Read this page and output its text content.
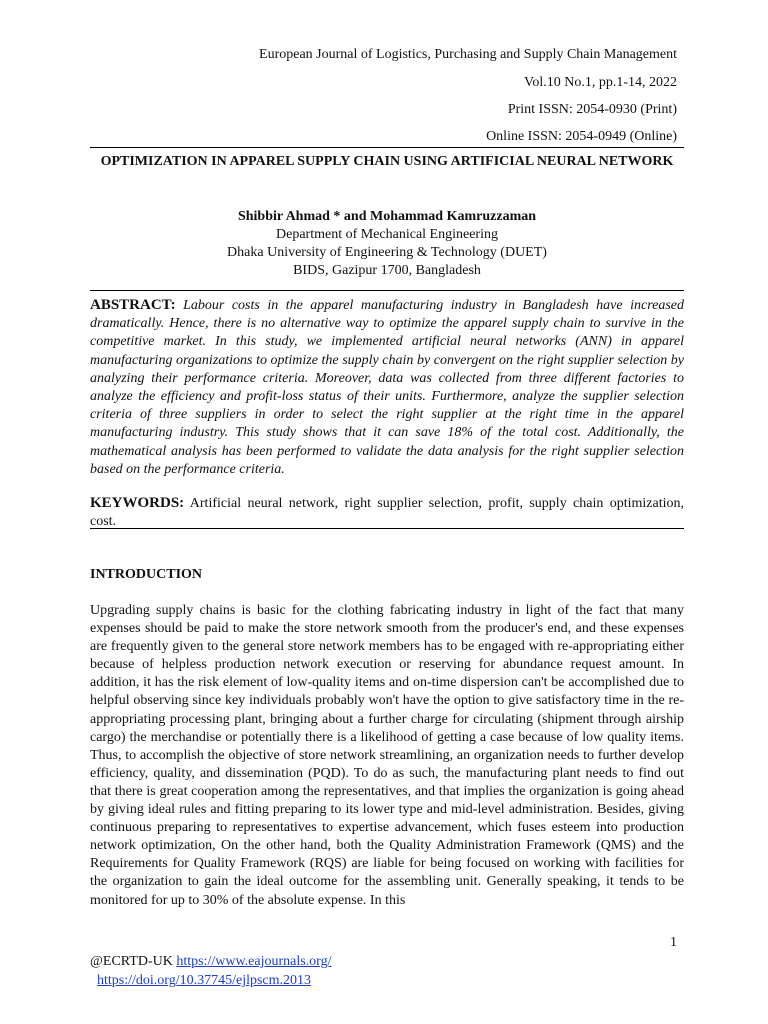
European Journal of Logistics, Purchasing and Supply Chain Management
Vol.10 No.1, pp.1-14, 2022
Print ISSN: 2054-0930 (Print)
Online ISSN: 2054-0949 (Online)
OPTIMIZATION IN APPAREL SUPPLY CHAIN USING ARTIFICIAL NEURAL NETWORK
Shibbir Ahmad * and Mohammad Kamruzzaman
Department of Mechanical Engineering
Dhaka University of Engineering & Technology (DUET)
BIDS, Gazipur 1700, Bangladesh
ABSTRACT: Labour costs in the apparel manufacturing industry in Bangladesh have increased dramatically. Hence, there is no alternative way to optimize the apparel supply chain to survive in the competitive market. In this study, we implemented artificial neural networks (ANN) in apparel manufacturing organizations to optimize the supply chain by convergent on the right supplier selection by analyzing their performance criteria. Moreover, data was collected from three different factories to analyze the efficiency and profit-loss status of their units. Furthermore, analyze the supplier selection criteria of three suppliers in order to select the right supplier at the right time in the apparel manufacturing industry. This study shows that it can save 18% of the total cost. Additionally, the mathematical analysis has been performed to validate the data analysis for the right supplier selection based on the performance criteria.
KEYWORDS: Artificial neural network, right supplier selection, profit, supply chain optimization, cost.
INTRODUCTION
Upgrading supply chains is basic for the clothing fabricating industry in light of the fact that many expenses should be paid to make the store network smooth from the producer's end, and these expenses are frequently given to the general store network members has to be engaged with re-appropriating either because of helpless production network execution or reserving for abundance request amount. In addition, it has the risk element of low-quality items and on-time dispersion can't be accomplished due to helpful observing since key individuals probably won't have the option to give satisfactory time in the re-appropriating processing plant, bringing about a further charge for circulating (shipment through airship cargo) the merchandise or potentially there is a likelihood of getting a case because of low quality items. Thus, to accomplish the objective of store network streamlining, an organization needs to further develop efficiency, quality, and dissemination (PQD). To do as such, the manufacturing plant needs to find out that there is great cooperation among the representatives, and that implies the organization is going ahead by giving ideal rules and fitting preparing to its lower type and mid-level administration. Besides, giving continuous preparing to representatives to expertise advancement, which fuses esteem into production network optimization, On the other hand, both the Quality Administration Framework (QMS) and the Requirements for Quality Framework (RQS) are liable for being focused on working with facilities for the organization to gain the ideal outcome for the assembling unit. Generally speaking, it tends to be monitored for up to 30% of the absolute expense. In this
1
@ECRTD-UK https://www.eajournals.org/
https://doi.org/10.37745/ejlpscm.2013
